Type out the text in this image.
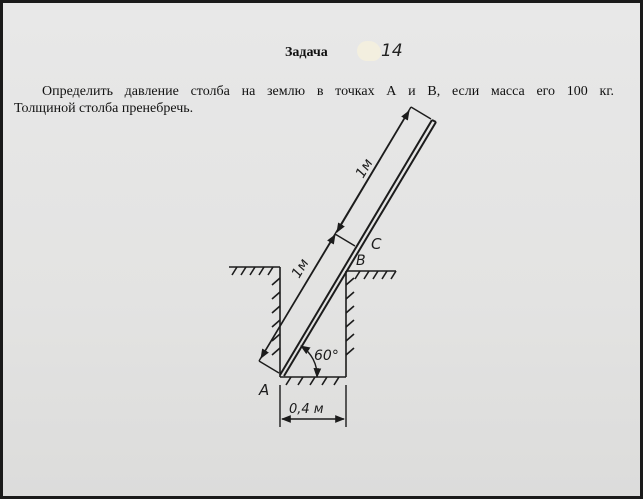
Задача	14
Определить давление столба на землю в точках А и В, если масса его 100 кг.
Толщиной столба пренебречь.
A
B
C
1м
1м
60°
0,4 м
